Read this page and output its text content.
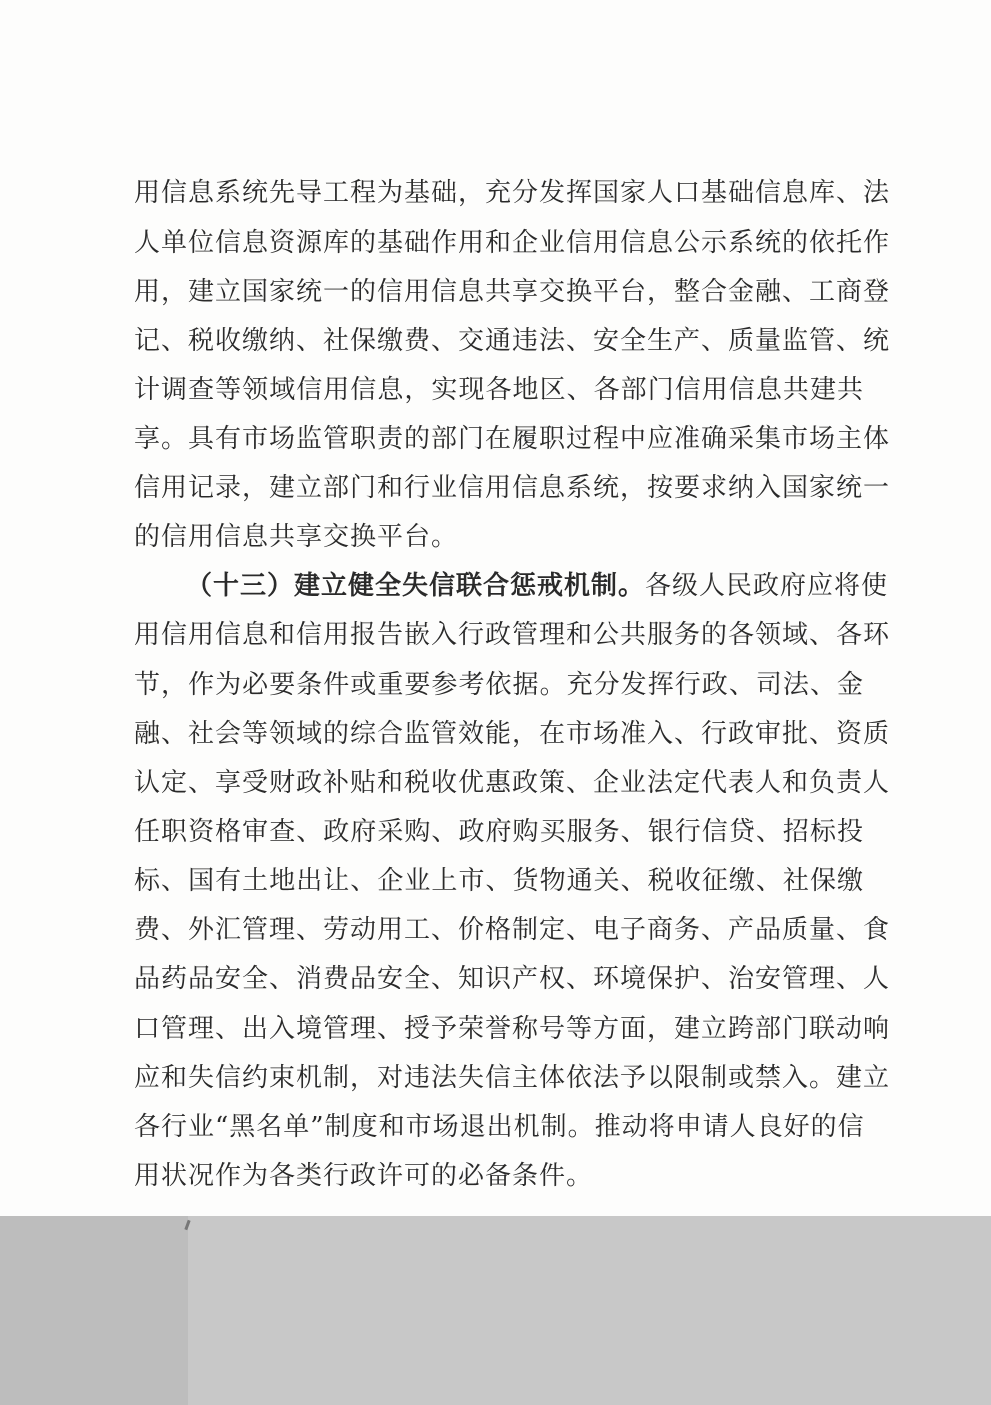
用信息系统先导工程为基础，充分发挥国家人口基础信息库、法
人单位信息资源库的基础作用和企业信用信息公示系统的依托作
用，建立国家统一的信用信息共享交换平台，整合金融、工商登
记、税收缴纳、社保缴费、交通违法、安全生产、质量监管、统
计调查等领域信用信息，实现各地区、各部门信用信息共建共
享。具有市场监管职责的部门在履职过程中应准确采集市场主体
信用记录，建立部门和行业信用信息系统，按要求纳入国家统一
的信用信息共享交换平台。
（十三）建立健全失信联合惩戒机制。各级人民政府应将使
用信用信息和信用报告嵌入行政管理和公共服务的各领域、各环
节，作为必要条件或重要参考依据。充分发挥行政、司法、金
融、社会等领域的综合监管效能，在市场准入、行政审批、资质
认定、享受财政补贴和税收优惠政策、企业法定代表人和负责人
任职资格审查、政府采购、政府购买服务、银行信贷、招标投
标、国有土地出让、企业上市、货物通关、税收征缴、社保缴
费、外汇管理、劳动用工、价格制定、电子商务、产品质量、食
品药品安全、消费品安全、知识产权、环境保护、治安管理、人
口管理、出入境管理、授予荣誉称号等方面，建立跨部门联动响
应和失信约束机制，对违法失信主体依法予以限制或禁入。建立
各行业“黑名单”制度和市场退出机制。推动将申请人良好的信
用状况作为各类行政许可的必备条件。
